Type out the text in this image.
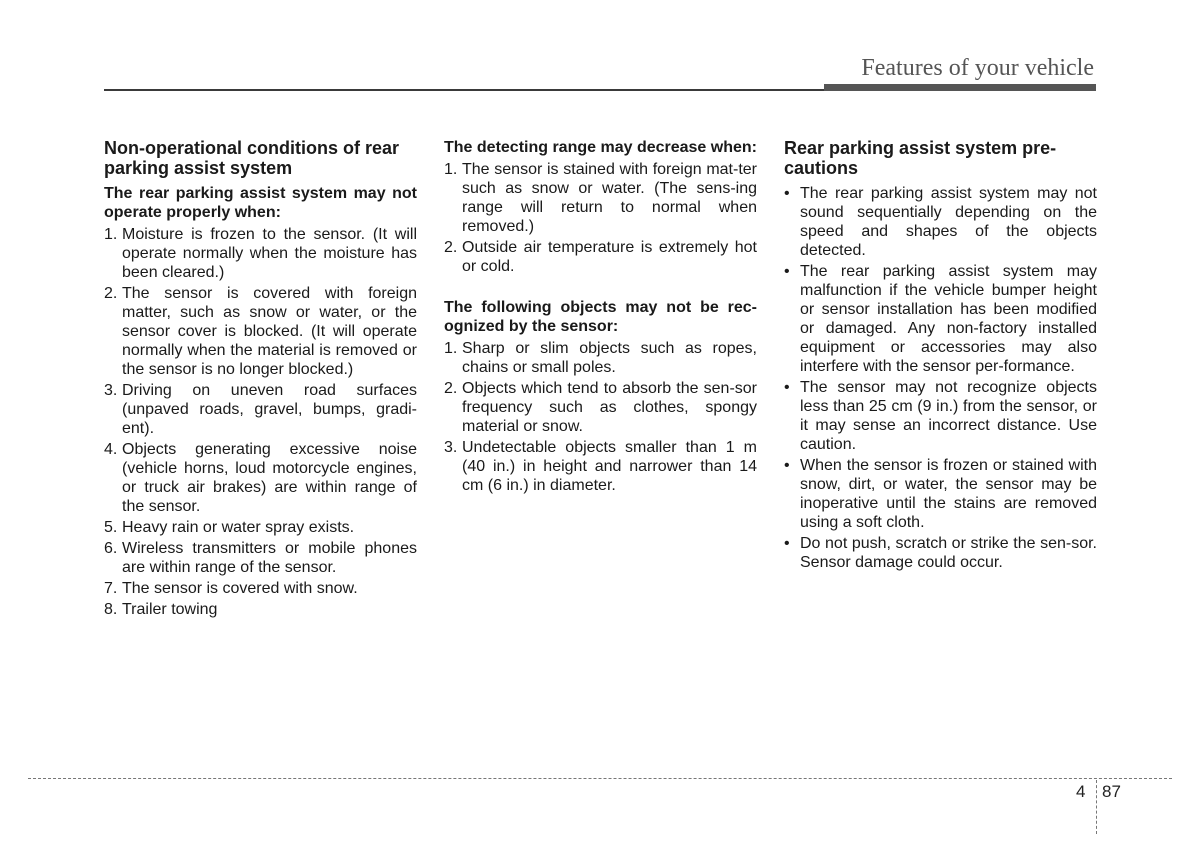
Features of your vehicle
Non-operational conditions of rear parking assist system
The rear parking assist system may not operate properly when:
1. Moisture is frozen to the sensor. (It will operate normally when the moisture has been cleared.)
2. The sensor is covered with foreign matter, such as snow or water, or the sensor cover is blocked. (It will operate normally when the material is removed or the sensor is no longer blocked.)
3. Driving on uneven road surfaces (unpaved roads, gravel, bumps, gradi-ent).
4. Objects generating excessive noise (vehicle horns, loud motorcycle engines, or truck air brakes) are within range of the sensor.
5. Heavy rain or water spray exists.
6. Wireless transmitters or mobile phones are within range of the sensor.
7. The sensor is covered with snow.
8. Trailer towing
The detecting range may decrease when:
1. The sensor is stained with foreign mat-ter such as snow or water. (The sens-ing range will return to normal when removed.)
2. Outside air temperature is extremely hot or cold.
The following objects may not be rec-ognized by the sensor:
1. Sharp or slim objects such as ropes, chains or small poles.
2. Objects which tend to absorb the sen-sor frequency such as clothes, spongy material or snow.
3. Undetectable objects smaller than 1 m (40 in.) in height and narrower than 14 cm (6 in.) in diameter.
Rear parking assist system pre-cautions
• The rear parking assist system may not sound sequentially depending on the speed and shapes of the objects detected.
• The rear parking assist system may malfunction if the vehicle bumper height or sensor installation has been modified or damaged. Any non-factory installed equipment or accessories may also interfere with the sensor per-formance.
• The sensor may not recognize objects less than 25 cm (9 in.) from the sensor, or it may sense an incorrect distance. Use caution.
• When the sensor is frozen or stained with snow, dirt, or water, the sensor may be inoperative until the stains are removed using a soft cloth.
• Do not push, scratch or strike the sen-sor. Sensor damage could occur.
4 87
